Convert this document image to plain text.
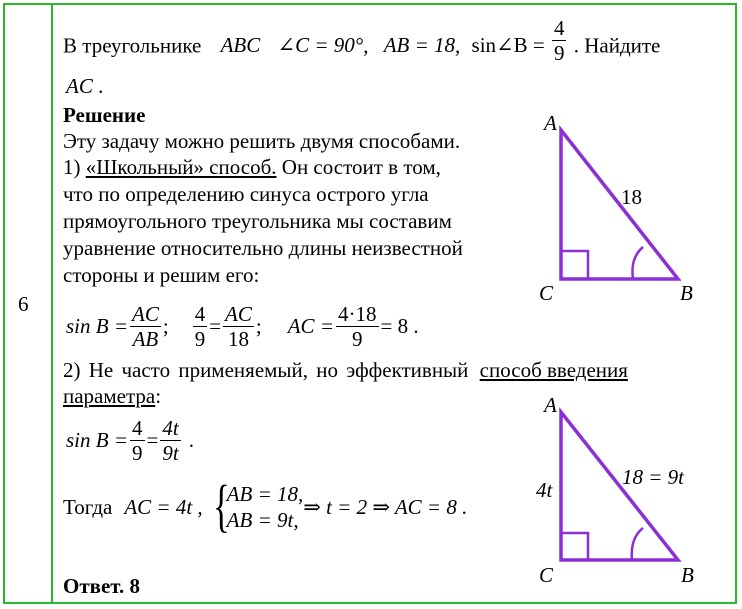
6
В треугольнике ABC ∠C = 90°, AB = 18, sin∠B = $\frac{4}{9}$ . Найдите
AC .
Решение
Эту задачу можно решить двумя способами.
1) «Школьный» способ. Он состоит в том,
что по определению синуса острого угла
прямоугольного треугольника мы составим
уравнение относительно длины неизвестной
стороны и решим его:
$\sin B = \frac{AC}{AB}$ ; $\frac{4}{9} = \frac{AC}{18}$ ; AC = $\frac{4\cdot 18}{9} = 8$ .
2) Не часто применяемый, но эффективный способ введения
параметра:
$\sin B = \frac{4}{9} = \frac{4t}{9t}$ .
Тогда AC = 4t , {
AB = 18,
AB = 9t,
⇒ t = 2 ⇒ AC = 8 .
Ответ. 8
A
C	B
18
A
C	B
18 = 9t
4t
